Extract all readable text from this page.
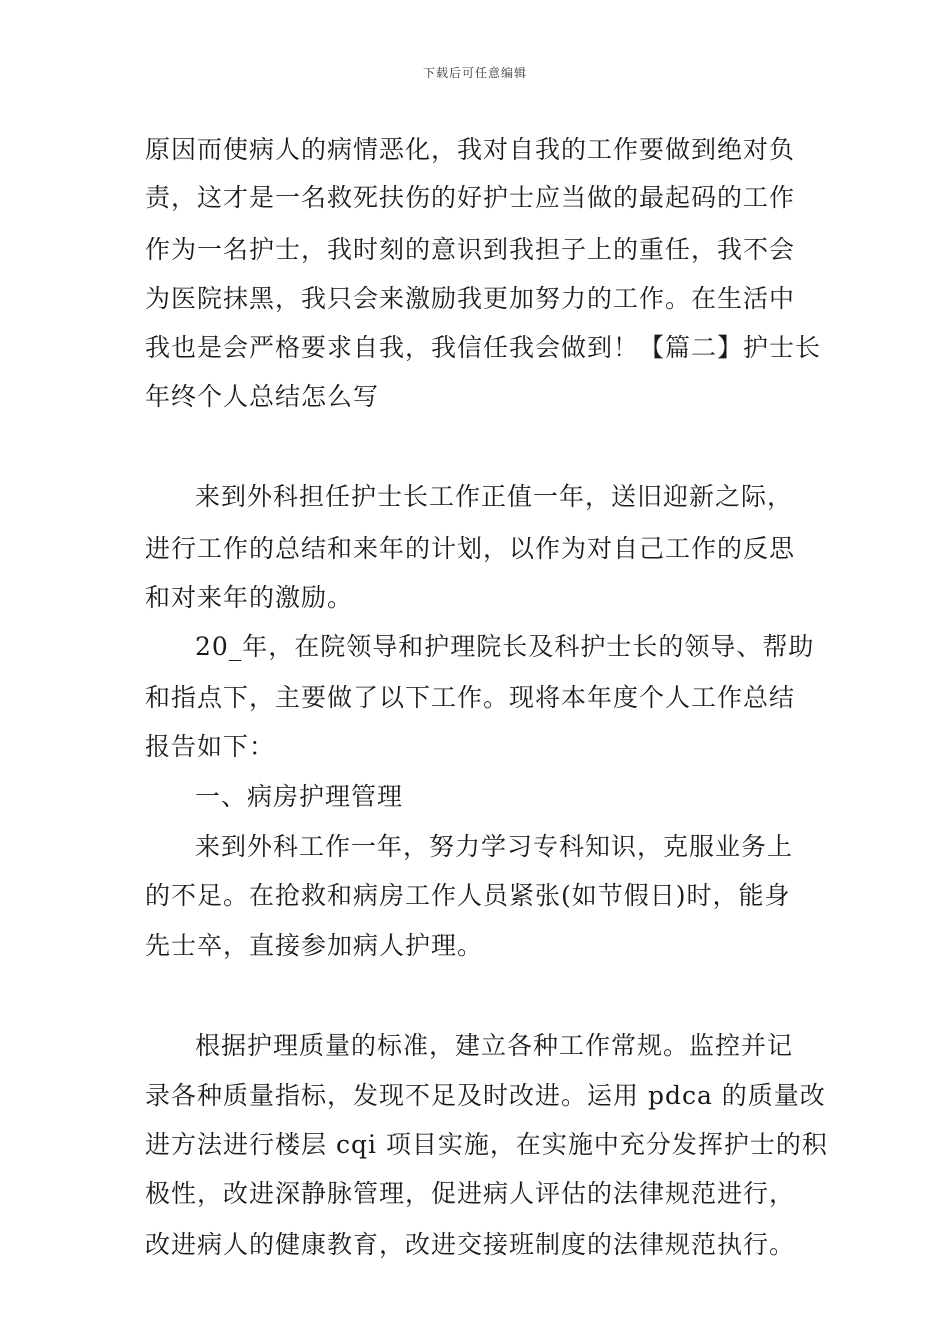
下载后可任意编辑
原因而使病人的病情恶化，我对自我的工作要做到绝对负
责，这才是一名救死扶伤的好护士应当做的最起码的工作
作为一名护士，我时刻的意识到我担子上的重任，我不会
为医院抹黑，我只会来激励我更加努力的工作。在生活中
我也是会严格要求自我，我信任我会做到！【篇二】护士长
年终个人总结怎么写
来到外科担任护士长工作正值一年，送旧迎新之际，
进行工作的总结和来年的计划，以作为对自己工作的反思
和对来年的激励。
20_年，在院领导和护理院长及科护士长的领导、帮助
和指点下，主要做了以下工作。现将本年度个人工作总结
报告如下：
一、病房护理管理
来到外科工作一年，努力学习专科知识，克服业务上
的不足。在抢救和病房工作人员紧张(如节假日)时，能身
先士卒，直接参加病人护理。
根据护理质量的标准，建立各种工作常规。监控并记
录各种质量指标，发现不足及时改进。运用 pdca 的质量改
进方法进行楼层 cqi 项目实施，在实施中充分发挥护士的积
极性，改进深静脉管理，促进病人评估的法律规范进行，
改进病人的健康教育，改进交接班制度的法律规范执行。
